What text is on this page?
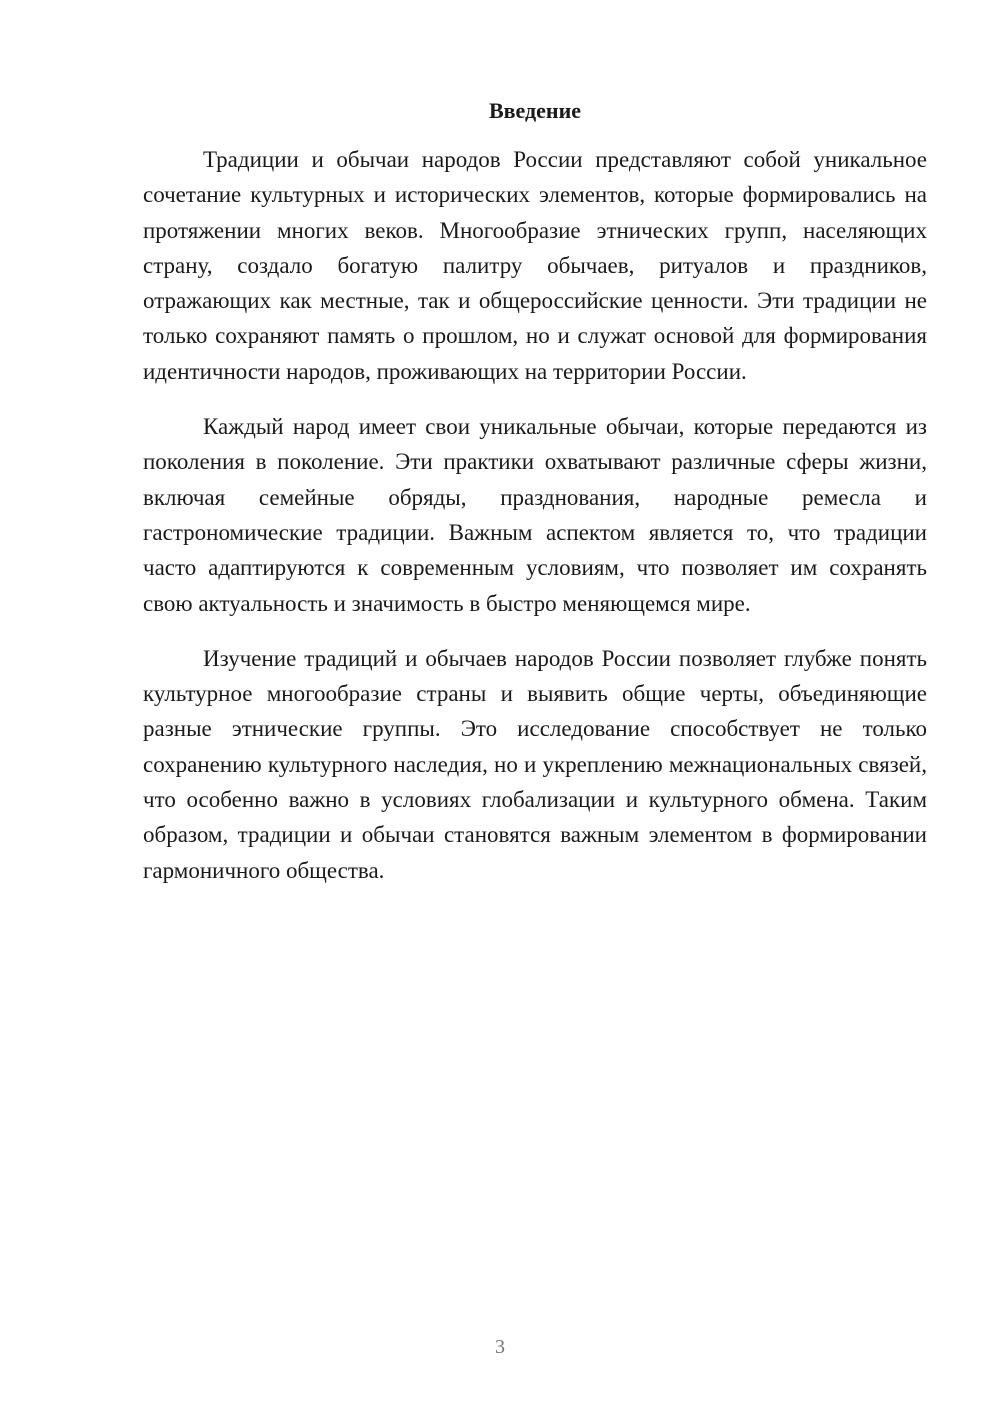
Введение

Традиции и обычаи народов России представляют собой уникальное сочетание культурных и исторических элементов, которые формировались на протяжении многих веков. Многообразие этнических групп, населяющих страну, создало богатую палитру обычаев, ритуалов и праздников, отражающих как местные, так и общероссийские ценности. Эти традиции не только сохраняют память о прошлом, но и служат основой для формирования идентичности народов, проживающих на территории России.

Каждый народ имеет свои уникальные обычаи, которые передаются из поколения в поколение. Эти практики охватывают различные сферы жизни, включая семейные обряды, празднования, народные ремесла и гастрономические традиции. Важным аспектом является то, что традиции часто адаптируются к современным условиям, что позволяет им сохранять свою актуальность и значимость в быстро меняющемся мире.

Изучение традиций и обычаев народов России позволяет глубже понять культурное многообразие страны и выявить общие черты, объединяющие разные этнические группы. Это исследование способствует не только сохранению культурного наследия, но и укреплению межнациональных связей, что особенно важно в условиях глобализации и культурного обмена. Таким образом, традиции и обычаи становятся важным элементом в формировании гармоничного общества.

3
